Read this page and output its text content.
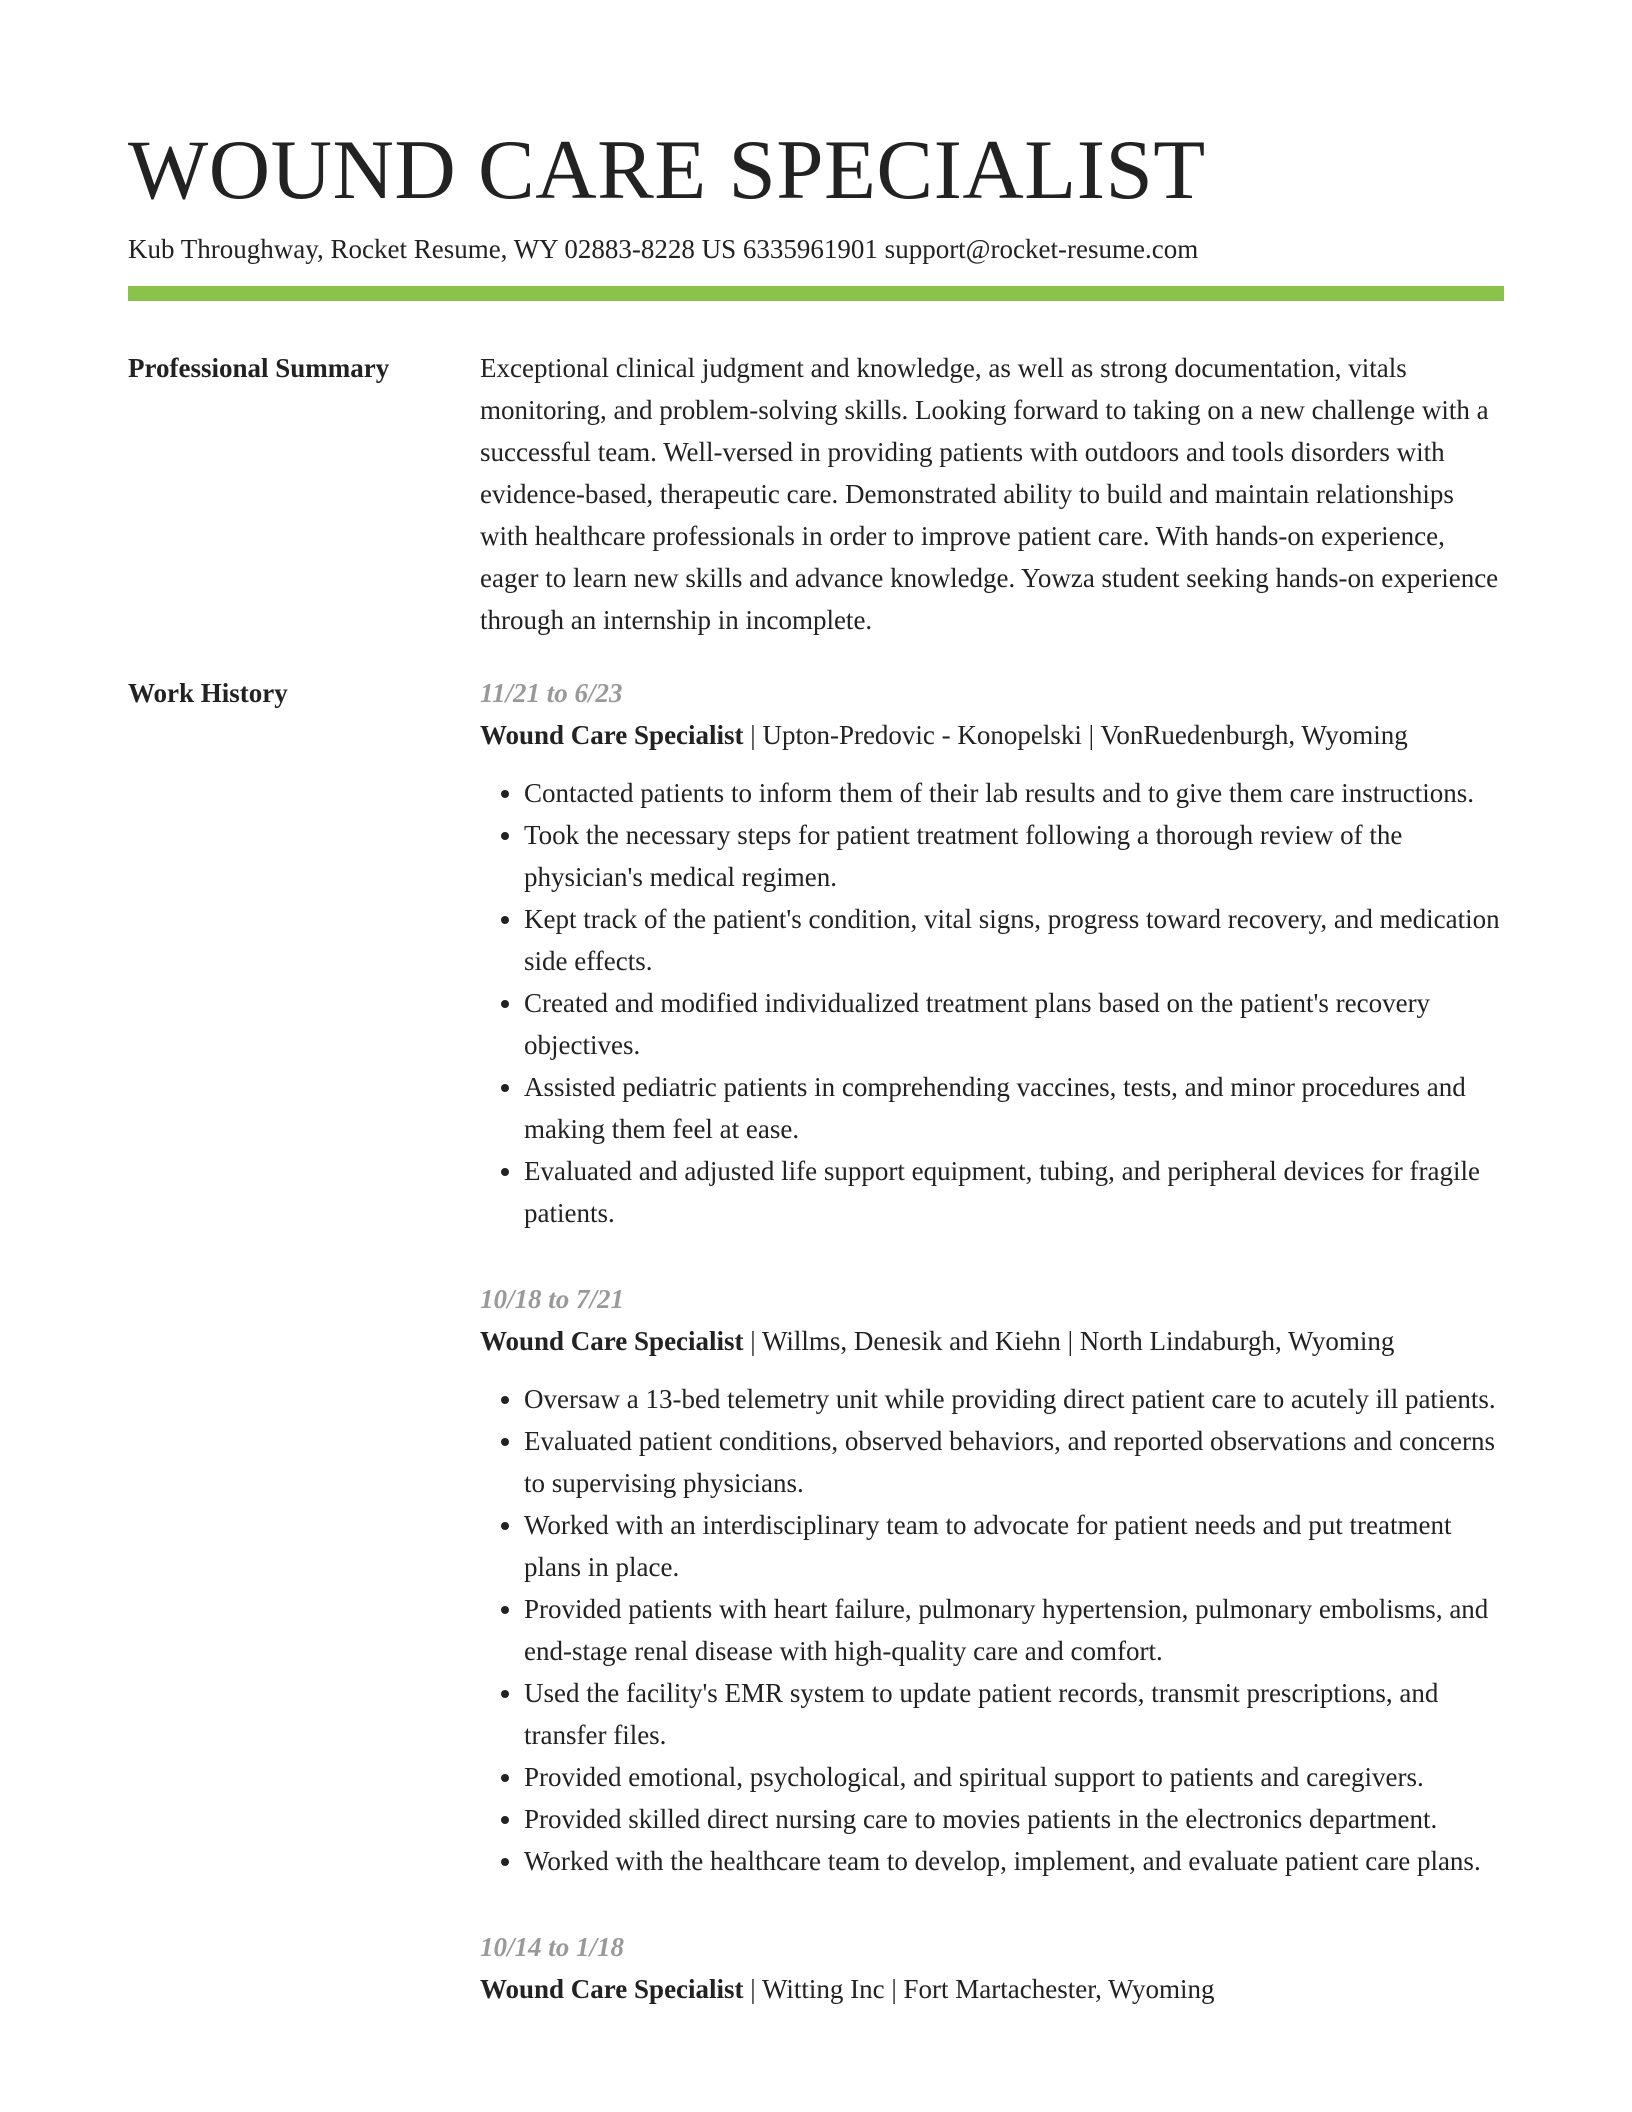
WOUND CARE SPECIALIST
Kub Throughway, Rocket Resume, WY 02883-8228 US 6335961901 support@rocket-resume.com
Professional Summary	Exceptional clinical judgment and knowledge, as well as strong documentation, vitals monitoring, and problem-solving skills. Looking forward to taking on a new challenge with a successful team. Well-versed in providing patients with outdoors and tools disorders with evidence-based, therapeutic care. Demonstrated ability to build and maintain relationships with healthcare professionals in order to improve patient care. With hands-on experience, eager to learn new skills and advance knowledge. Yowza student seeking hands-on experience through an internship in incomplete.

Work History	11/21 to 6/23
Wound Care Specialist | Upton-Predovic - Konopelski | VonRuedenburgh, Wyoming
• Contacted patients to inform them of their lab results and to give them care instructions.
• Took the necessary steps for patient treatment following a thorough review of the physician's medical regimen.
• Kept track of the patient's condition, vital signs, progress toward recovery, and medication side effects.
• Created and modified individualized treatment plans based on the patient's recovery objectives.
• Assisted pediatric patients in comprehending vaccines, tests, and minor procedures and making them feel at ease.
• Evaluated and adjusted life support equipment, tubing, and peripheral devices for fragile patients.
10/18 to 7/21
Wound Care Specialist | Willms, Denesik and Kiehn | North Lindaburgh, Wyoming
• Oversaw a 13-bed telemetry unit while providing direct patient care to acutely ill patients.
• Evaluated patient conditions, observed behaviors, and reported observations and concerns to supervising physicians.
• Worked with an interdisciplinary team to advocate for patient needs and put treatment plans in place.
• Provided patients with heart failure, pulmonary hypertension, pulmonary embolisms, and end-stage renal disease with high-quality care and comfort.
• Used the facility's EMR system to update patient records, transmit prescriptions, and transfer files.
• Provided emotional, psychological, and spiritual support to patients and caregivers.
• Provided skilled direct nursing care to movies patients in the electronics department.
• Worked with the healthcare team to develop, implement, and evaluate patient care plans.
10/14 to 1/18
Wound Care Specialist | Witting Inc | Fort Martachester, Wyoming
